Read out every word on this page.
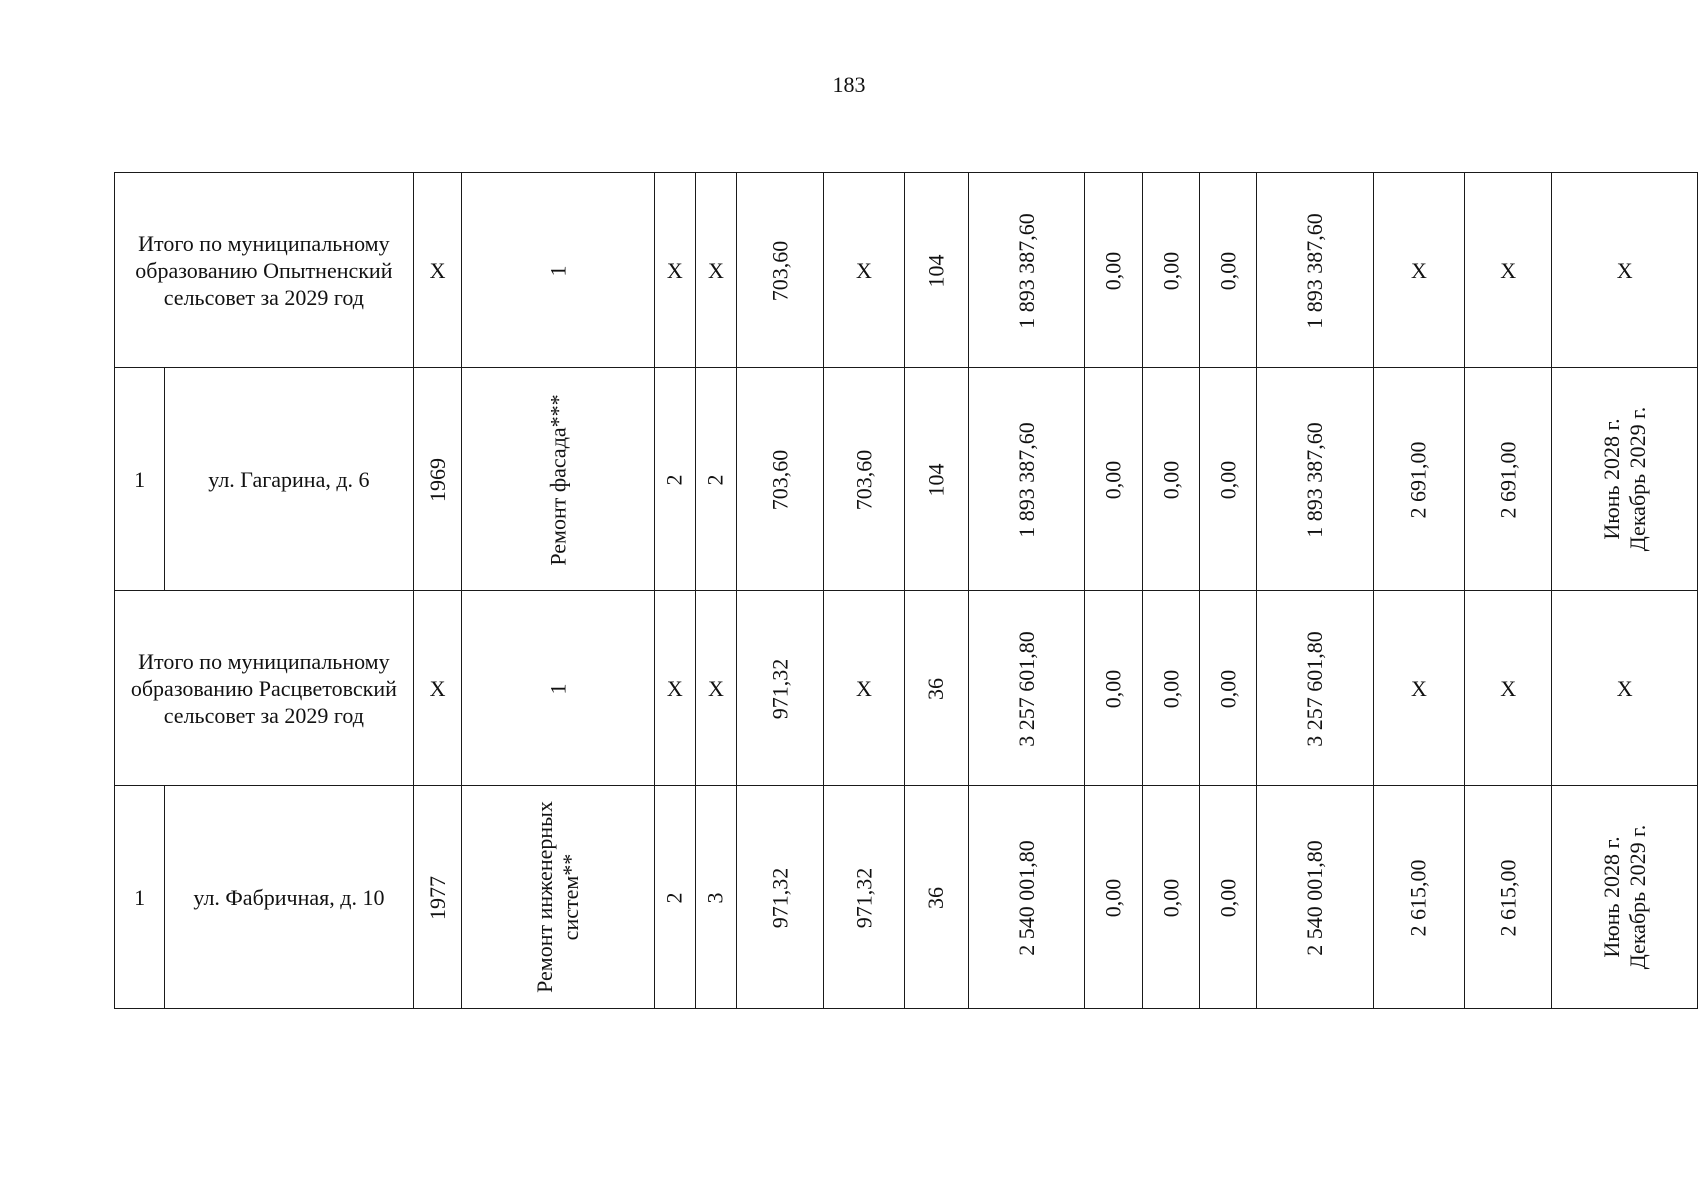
183
Итого по муниципальному образованию Опытненский сельсовет за 2029 год		X	1	X	X	703,60	X	104	1 893 387,60	0,00	0,00	0,00	1 893 387,60	X	X	X
1	ул. Гагарина, д. 6	1969	Ремонт фасада***	2	2	703,60	703,60	104	1 893 387,60	0,00	0,00	0,00	1 893 387,60	2 691,00	2 691,00	Июнь 2028 г. Декабрь 2029 г.

Итого по муниципальному образованию Расцветовский сельсовет за 2029 год		X	1	X	X	971,32	X	36	3 257 601,80	0,00	0,00	0,00	3 257 601,80	X	X	X
1	ул. Фабричная, д. 10	1977	Ремонт инженерных систем**	2	3	971,32	971,32	36	2 540 001,80	0,00	0,00	0,00	2 540 001,80	2 615,00	2 615,00	Июнь 2028 г. Декабрь 2029 г.
